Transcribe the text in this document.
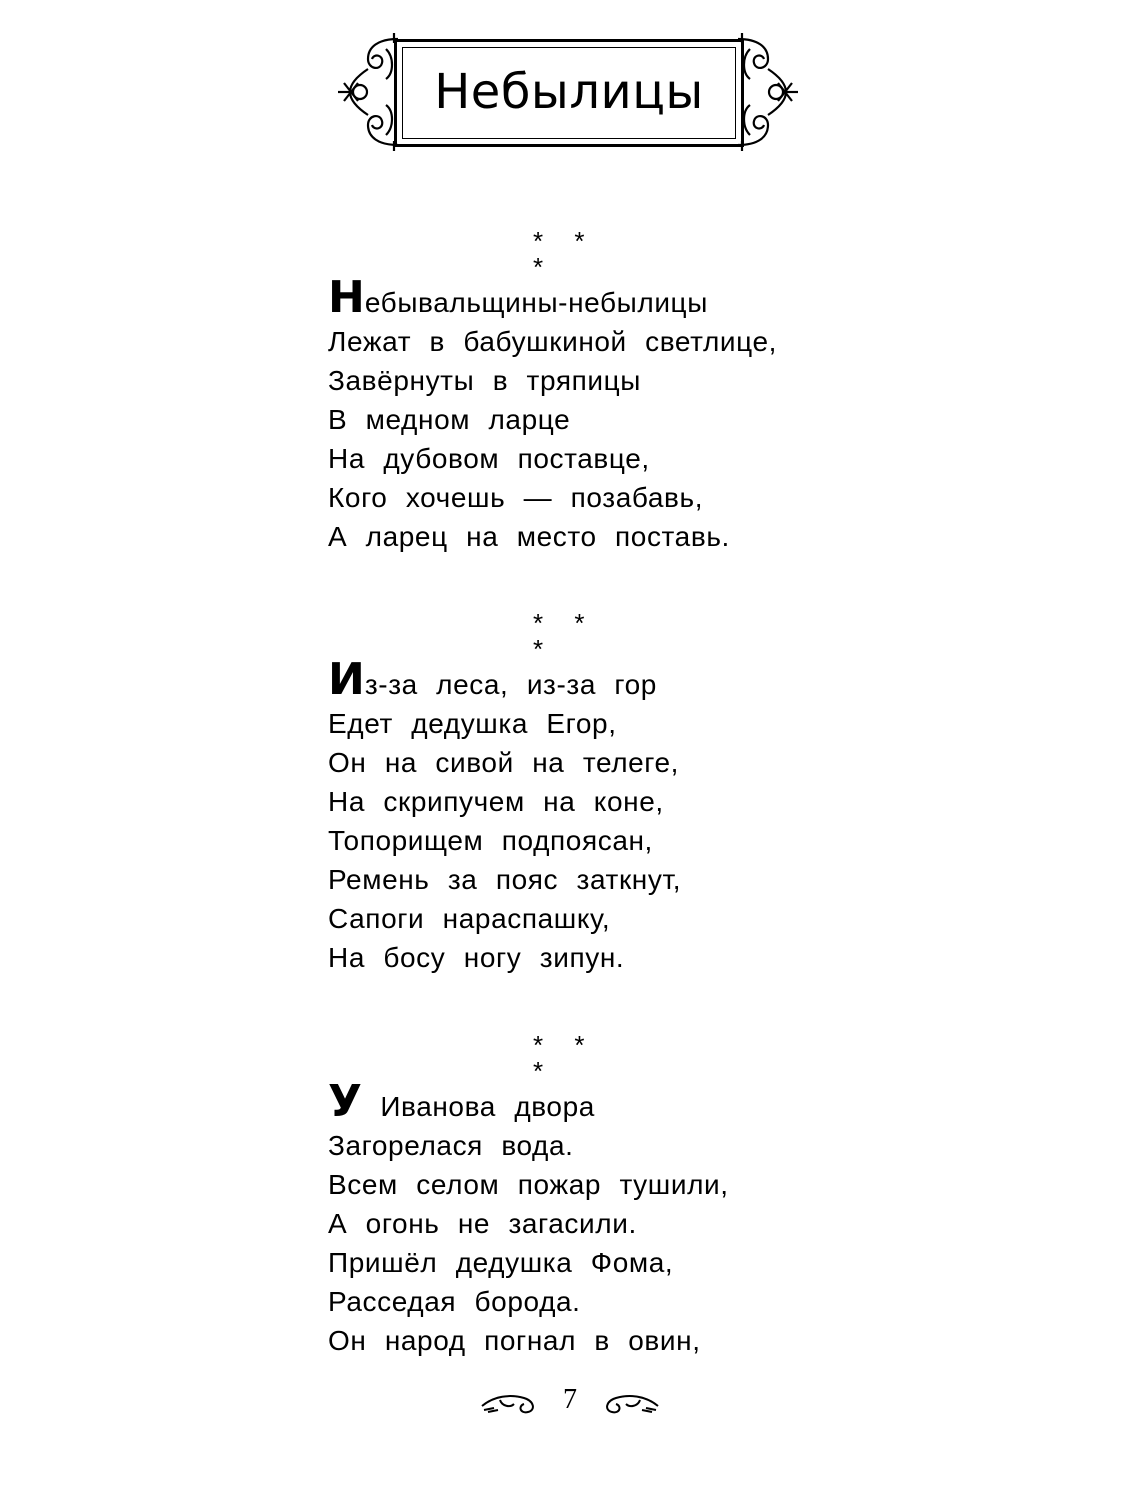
Небылицы
* * *
Небывальщины-небылицы
Лежат в бабушкиной светлице,
Завёрнуты в тряпицы
В медном ларце
На дубовом поставце,
Кого хочешь — позабавь,
А ларец на место поставь.
* * *
Из-за леса, из-за гор
Едет дедушка Егор,
Он на сивой на телеге,
На скрипучем на коне,
Топорищем подпоясан,
Ремень за пояс заткнут,
Сапоги нараспашку,
На босу ногу зипун.
* * *
У Иванова двора
Загорелася вода.
Всем селом пожар тушили,
А огонь не загасили.
Пришёл дедушка Фома,
Расседая борода.
Он народ погнал в овин,
7
